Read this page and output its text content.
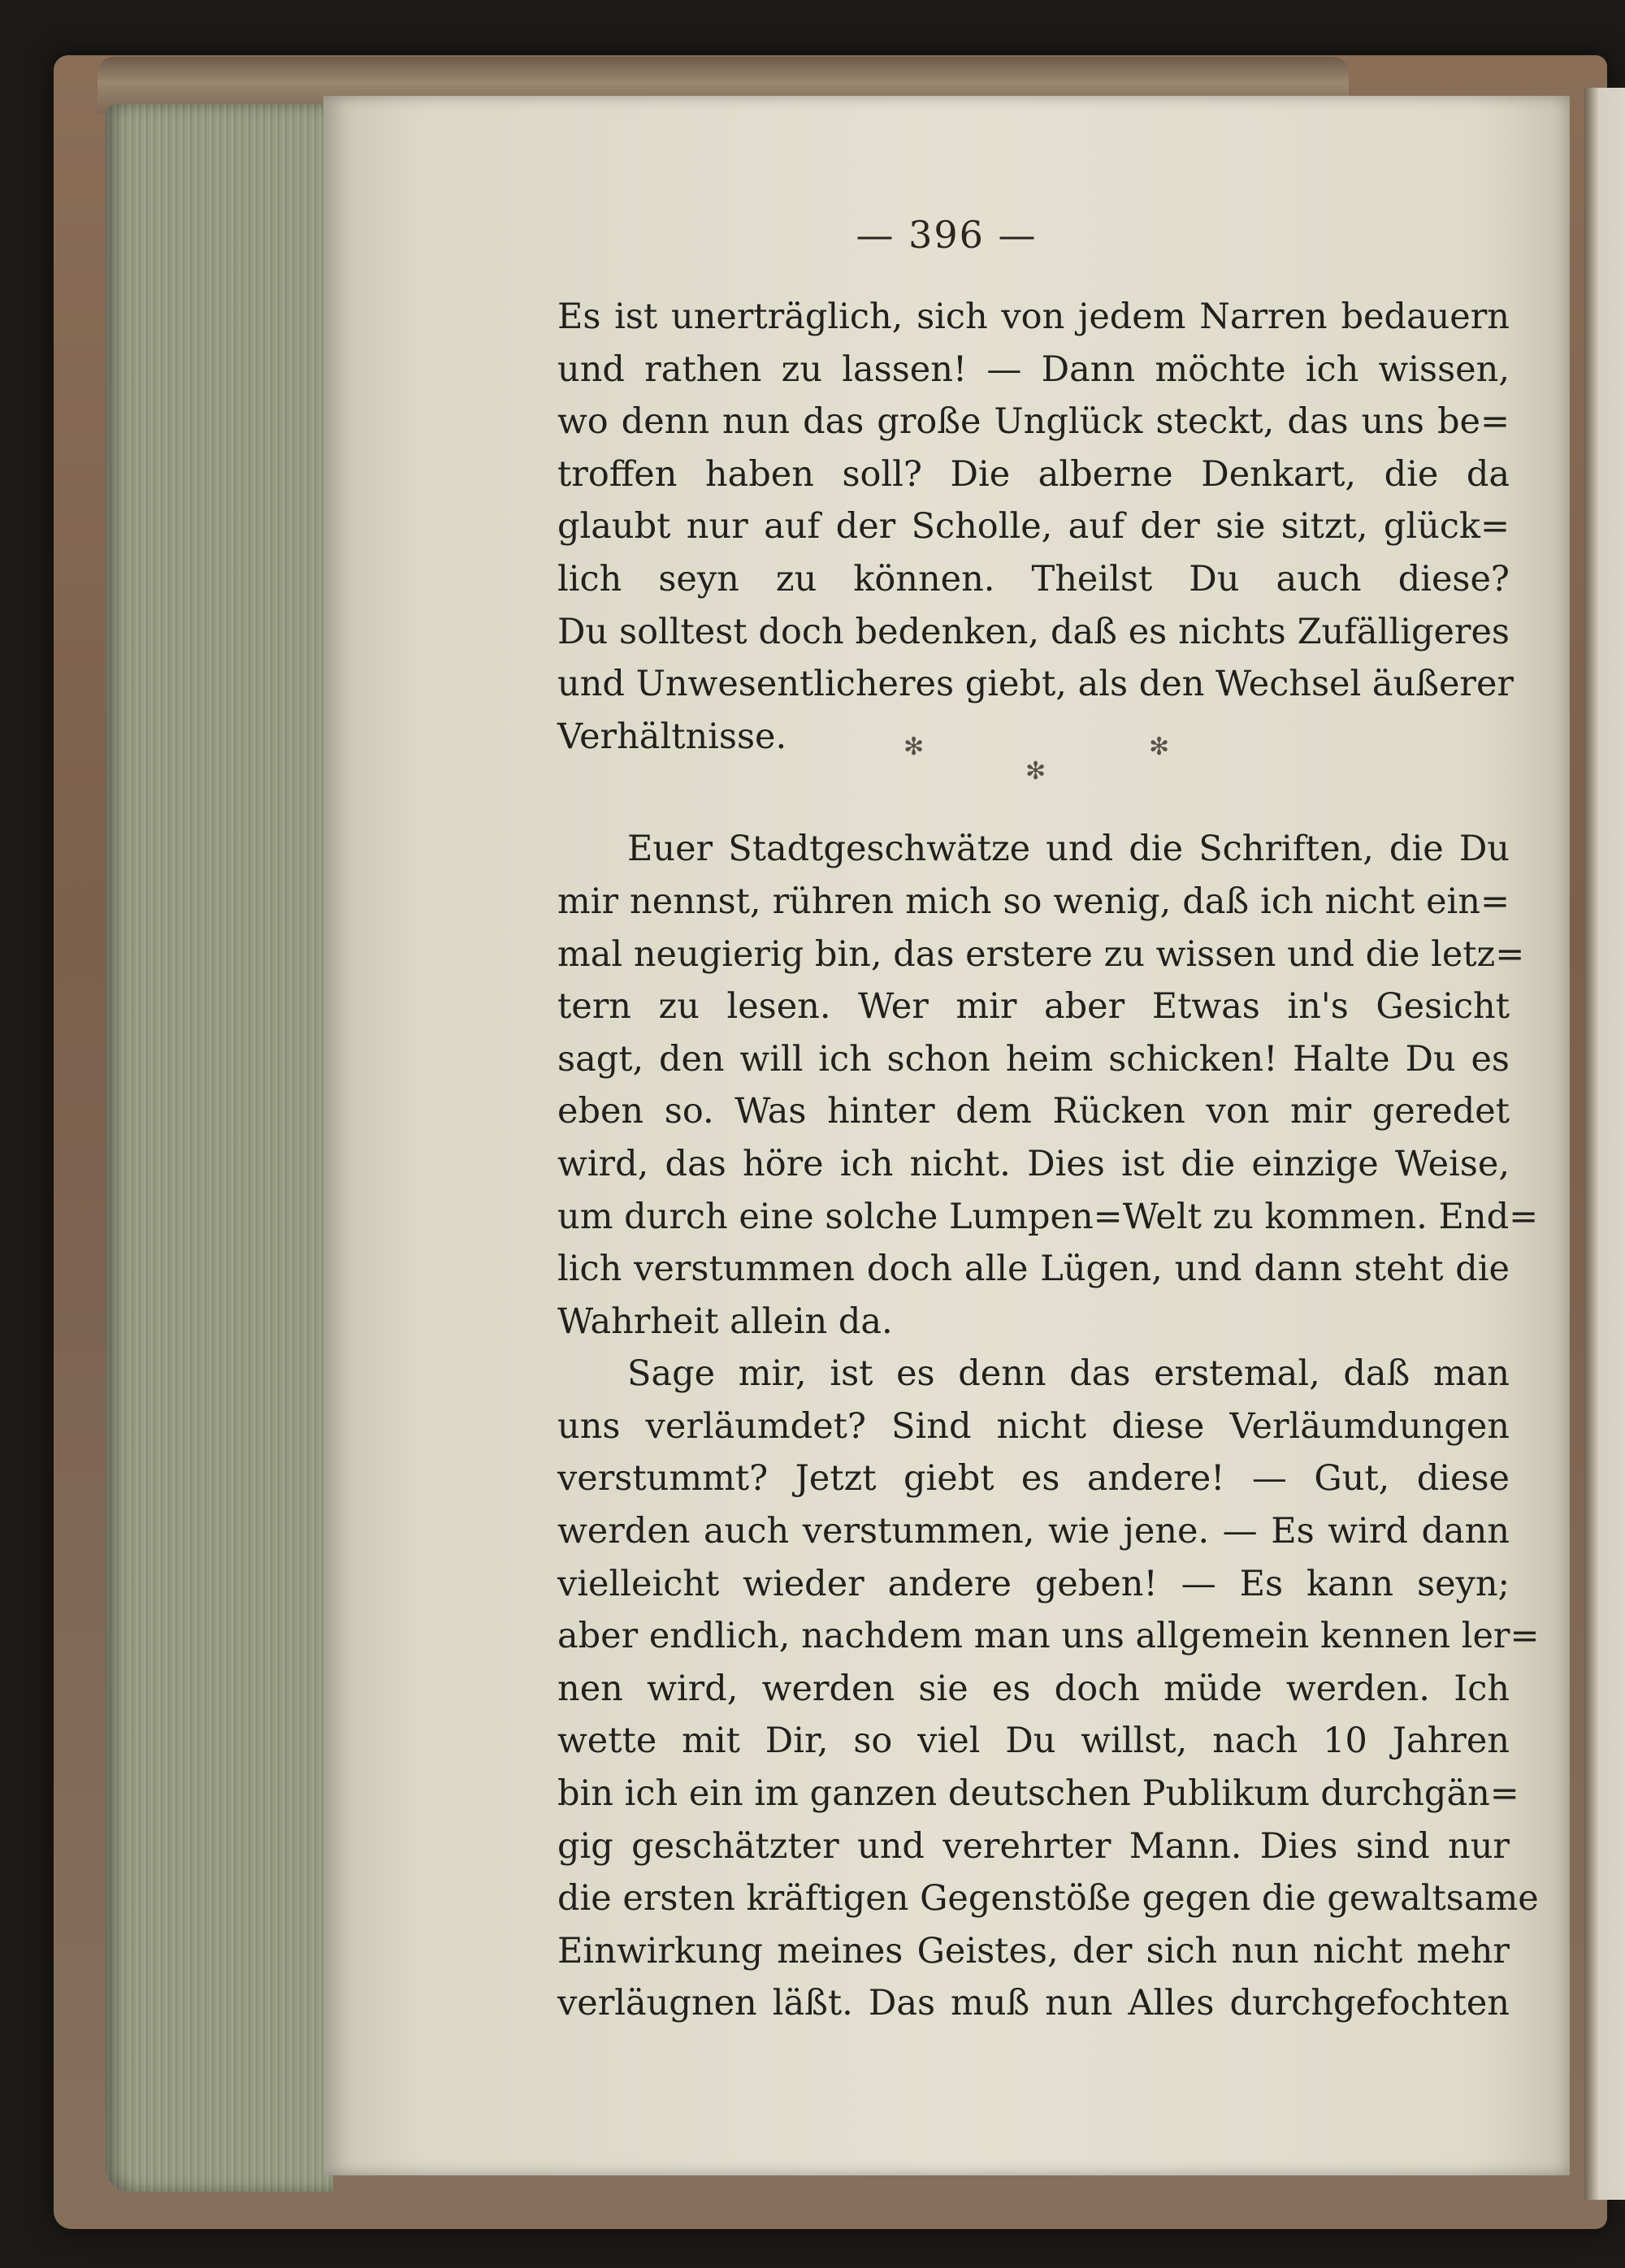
— 396 —
Es ist unerträglich, sich von jedem Narren bedauern
und rathen zu lassen! — Dann möchte ich wissen,
wo denn nun das große Unglück steckt, das uns be=
troffen haben soll? Die alberne Denkart, die da
glaubt nur auf der Scholle, auf der sie sitzt, glück=
lich seyn zu können. Theilst Du auch diese?
Du solltest doch bedenken, daß es nichts Zufälligeres
und Unwesentlicheres giebt, als den Wechsel äußerer
Verhältnisse.
Euer Stadtgeschwätze und die Schriften, die Du
mir nennst, rühren mich so wenig, daß ich nicht ein=
mal neugierig bin, das erstere zu wissen und die letz=
tern zu lesen. Wer mir aber Etwas in's Gesicht
sagt, den will ich schon heim schicken! Halte Du es
eben so. Was hinter dem Rücken von mir geredet
wird, das höre ich nicht. Dies ist die einzige Weise,
um durch eine solche Lumpen=Welt zu kommen. End=
lich verstummen doch alle Lügen, und dann steht die
Wahrheit allein da.
Sage mir, ist es denn das erstemal, daß man
uns verläumdet? Sind nicht diese Verläumdungen
verstummt? Jetzt giebt es andere! — Gut, diese
werden auch verstummen, wie jene. — Es wird dann
vielleicht wieder andere geben! — Es kann seyn;
aber endlich, nachdem man uns allgemein kennen ler=
nen wird, werden sie es doch müde werden. Ich
wette mit Dir, so viel Du willst, nach 10 Jahren
bin ich ein im ganzen deutschen Publikum durchgän=
gig geschätzter und verehrter Mann. Dies sind nur
die ersten kräftigen Gegenstöße gegen die gewaltsame
Einwirkung meines Geistes, der sich nun nicht mehr
verläugnen läßt. Das muß nun Alles durchgefochten
✻
✻
✻
